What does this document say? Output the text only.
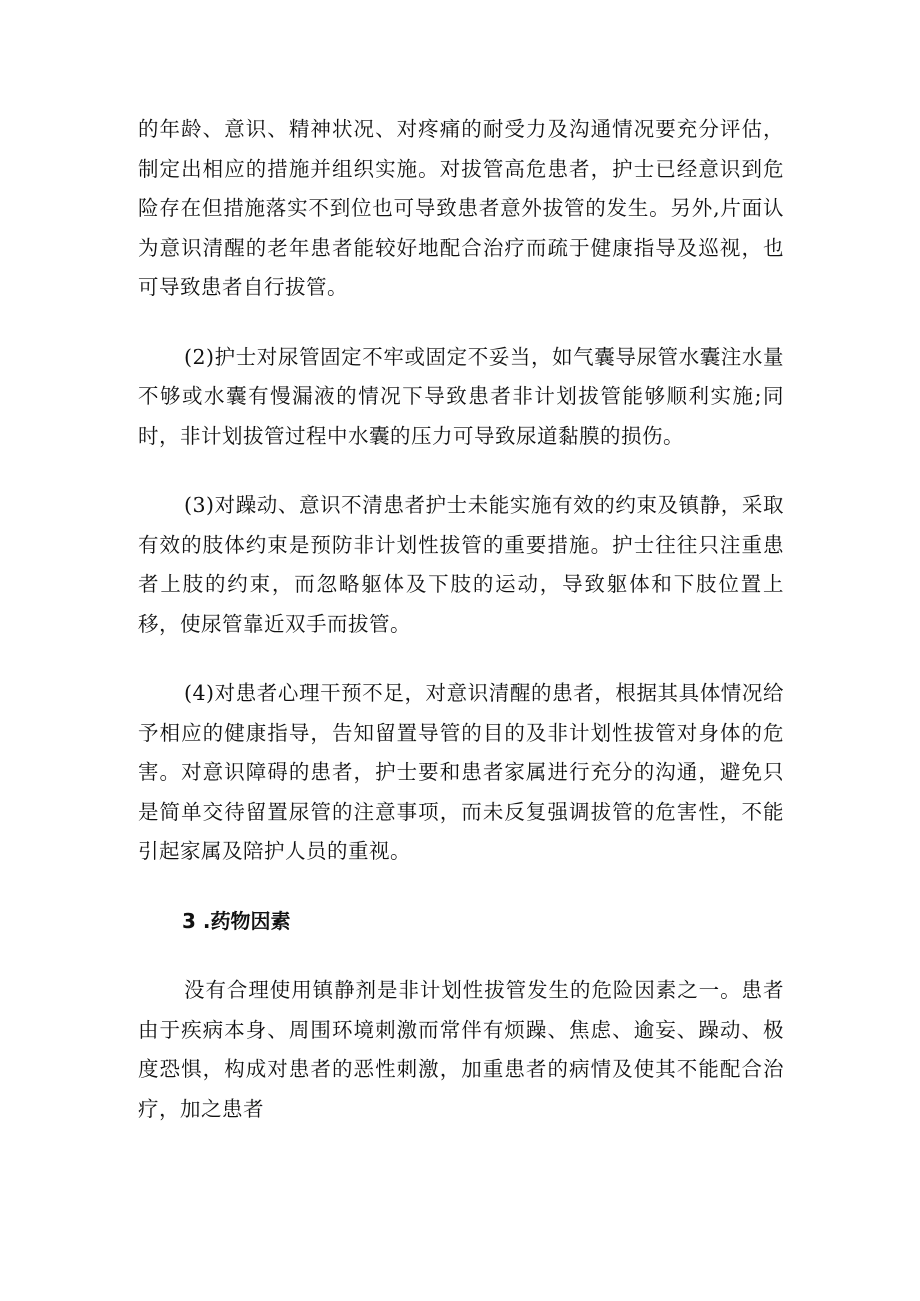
的年龄、意识、精神状况、对疼痛的耐受力及沟通情况要充分评估，制定出相应的措施并组织实施。对拔管高危患者，护士已经意识到危险存在但措施落实不到位也可导致患者意外拔管的发生。另外,片面认为意识清醒的老年患者能较好地配合治疗而疏于健康指导及巡视，也可导致患者自行拔管。

(2)护士对尿管固定不牢或固定不妥当，如气囊导尿管水囊注水量不够或水囊有慢漏液的情况下导致患者非计划拔管能够顺利实施;同时，非计划拔管过程中水囊的压力可导致尿道黏膜的损伤。

(3)对躁动、意识不清患者护士未能实施有效的约束及镇静，采取有效的肢体约束是预防非计划性拔管的重要措施。护士往往只注重患者上肢的约束，而忽略躯体及下肢的运动，导致躯体和下肢位置上移，使尿管靠近双手而拔管。

(4)对患者心理干预不足，对意识清醒的患者，根据其具体情况给予相应的健康指导，告知留置导管的目的及非计划性拔管对身体的危害。对意识障碍的患者，护士要和患者家属进行充分的沟通，避免只是简单交待留置尿管的注意事项，而未反复强调拔管的危害性，不能引起家属及陪护人员的重视。

3 .药物因素

没有合理使用镇静剂是非计划性拔管发生的危险因素之一。患者由于疾病本身、周围环境刺激而常伴有烦躁、焦虑、逾妄、躁动、极度恐惧，构成对患者的恶性刺激，加重患者的病情及使其不能配合治疗，加之患者
